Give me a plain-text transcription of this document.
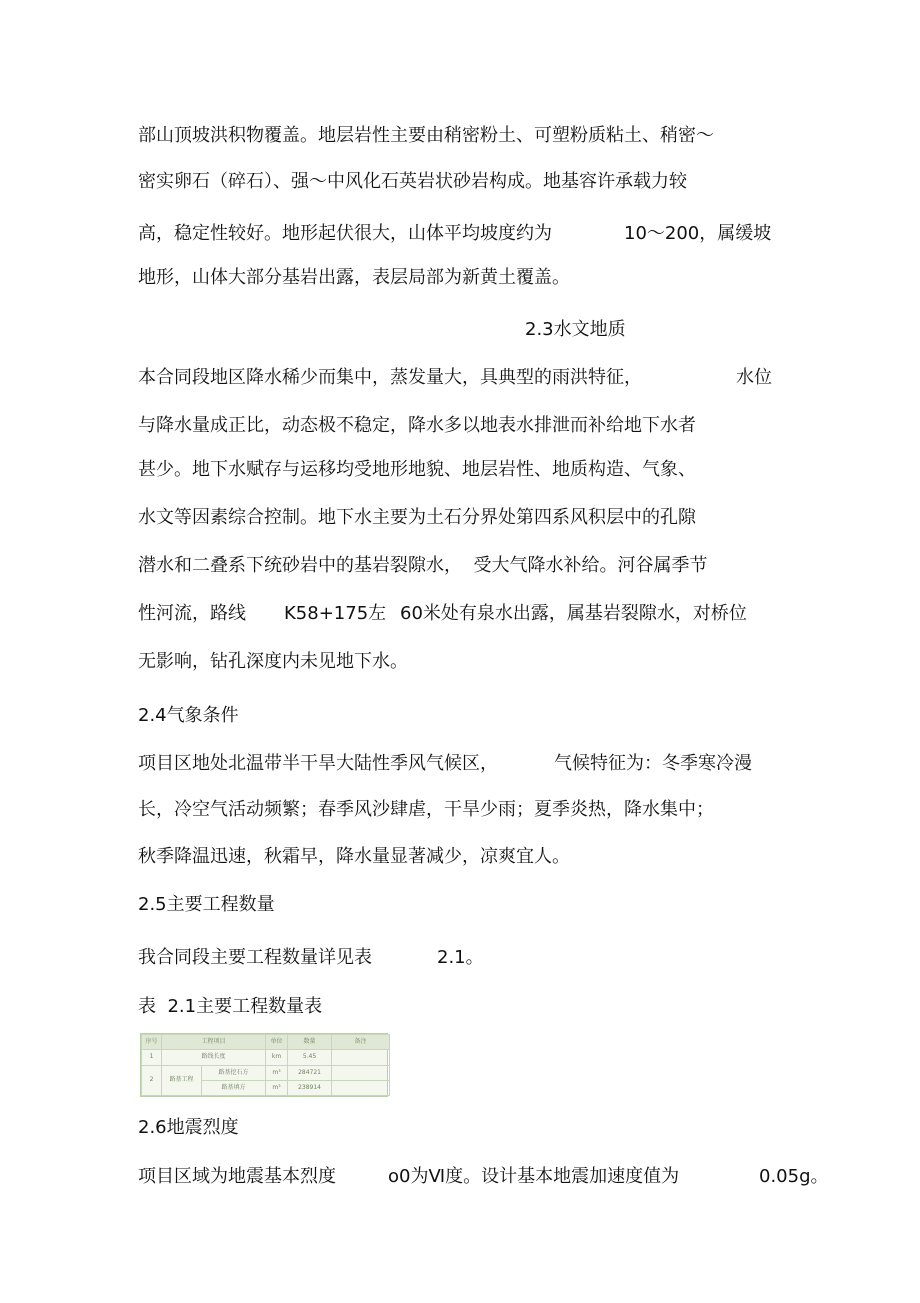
部山顶坡洪积物覆盖。地层岩性主要由稍密粉土、可塑粉质粘土、稍密～
密实卵石（碎石）、强～中风化石英岩状砂岩构成。地基容许承载力较
高，稳定性较好。地形起伏很大，山体平均坡度约为	10～200，属缓坡
地形，山体大部分基岩出露，表层局部为新黄土覆盖。
2.3水文地质
本合同段地区降水稀少而集中，蒸发量大，具典型的雨洪特征，	水位
与降水量成正比，动态极不稳定，降水多以地表水排泄而补给地下水者
甚少。地下水赋存与运移均受地形地貌、地层岩性、地质构造、气象、
水文等因素综合控制。地下水主要为土石分界处第四系风积层中的孔隙
潜水和二叠系下统砂岩中的基岩裂隙水，  受大气降水补给。河谷属季节
性河流，路线 K58+175左 60米处有泉水出露，属基岩裂隙水，对桥位
无影响，钻孔深度内未见地下水。
2.4气象条件
项目区地处北温带半干旱大陆性季风气候区，	气候特征为：冬季寒冷漫
长，冷空气活动频繁；春季风沙肆虐，干旱少雨；夏季炎热，降水集中；
秋季降温迅速，秋霜早，降水量显著减少，凉爽宜人。
2.5主要工程数量
我合同段主要工程数量详见表	2.1。
表  2.1主要工程数量表
序号	工程项目		单位	数量	备注
1	路线长度		km	5.45	
2	路基工程	路基挖石方	m³	284721	
		路基填方	m³	238914	
2.6地震烈度
项目区域为地震基本烈度	o0为Ⅵ度。设计基本地震加速度值为	0.05g。
